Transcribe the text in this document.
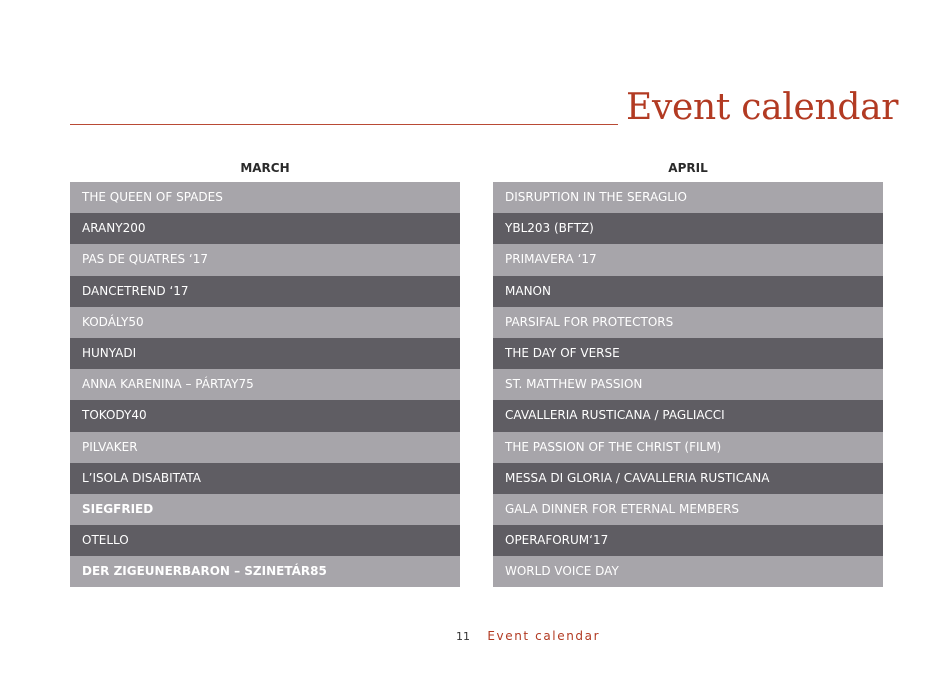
Event calendar
MARCH
THE QUEEN OF SPADES
ARANY200
PAS DE QUATRES ‘17
DANCETREND ‘17
KODÁLY50
HUNYADI
ANNA KARENINA – PÁRTAY75
TOKODY40
PILVAKER
L’ISOLA DISABITATA
SIEGFRIED
OTELLO
DER ZIGEUNERBARON – SZINETÁR85
APRIL
DISRUPTION IN THE SERAGLIO
YBL203 (BFTZ)
PRIMAVERA ‘17
MANON
PARSIFAL FOR PROTECTORS
THE DAY OF VERSE
ST. MATTHEW PASSION
CAVALLERIA RUSTICANA / PAGLIACCI
THE PASSION OF THE CHRIST (FILM)
MESSA DI GLORIA / CAVALLERIA RUSTICANA
GALA DINNER FOR ETERNAL MEMBERS
OPERAFORUM‘17
WORLD VOICE DAY
11 Event calendar
